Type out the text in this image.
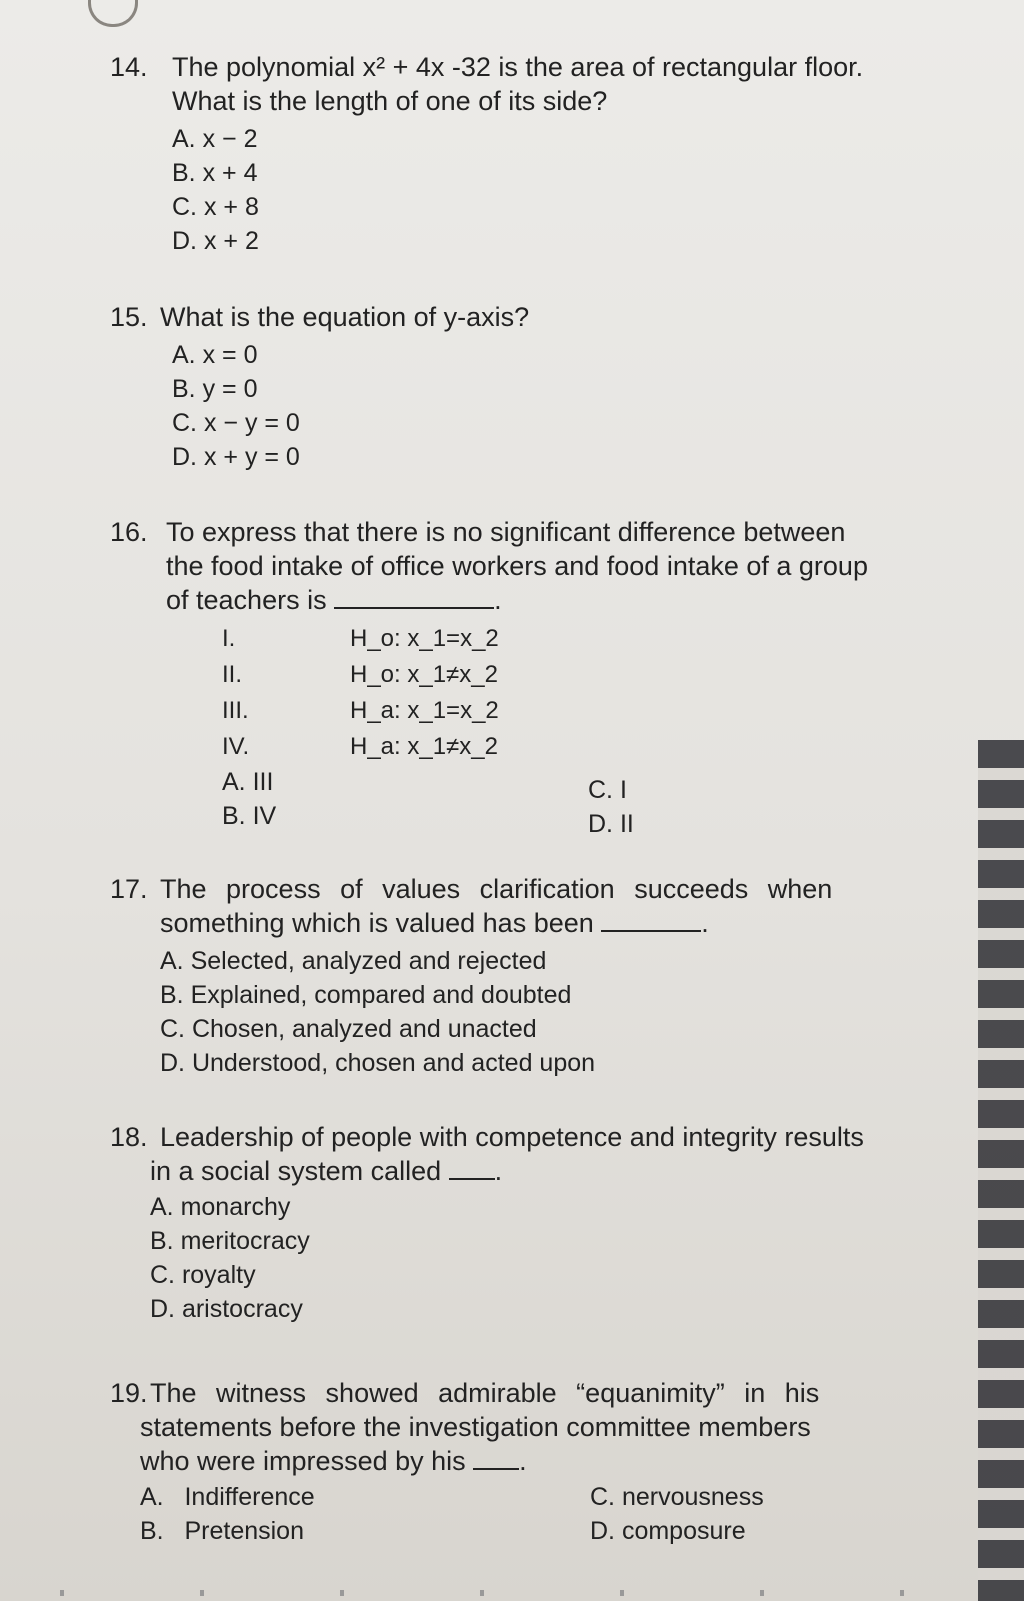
14. The polynomial x² + 4x -32 is the area of rectangular floor.
What is the length of one of its side?
A. x − 2
B. x + 4
C. x + 8
D. x + 2
15. What is the equation of y-axis?
A. x = 0
B. y = 0
C. x − y = 0
D. x + y = 0
16. To express that there is no significant difference between
the food intake of office workers and food intake of a group
of teachers is	.
I.	H_o: x_1=x_2
II.	H_o: x_1≠x_2
III.	H_a: x_1=x_2
IV.	H_a: x_1≠x_2
A. III
B. IV
C. I
D. II
17. The process of values clarification succeeds when
something which is valued has been	.
A. Selected, analyzed and rejected
B. Explained, compared and doubted
C. Chosen, analyzed and unacted
D. Understood, chosen and acted upon
18. Leadership of people with competence and integrity results
in a social system called .
A. monarchy
B. meritocracy
C. royalty
D. aristocracy
19. The witness showed admirable “equanimity” in his
statements before the investigation committee members
who were impressed by his .
A. Indifference
B. Pretension
C. nervousness
D. composure
